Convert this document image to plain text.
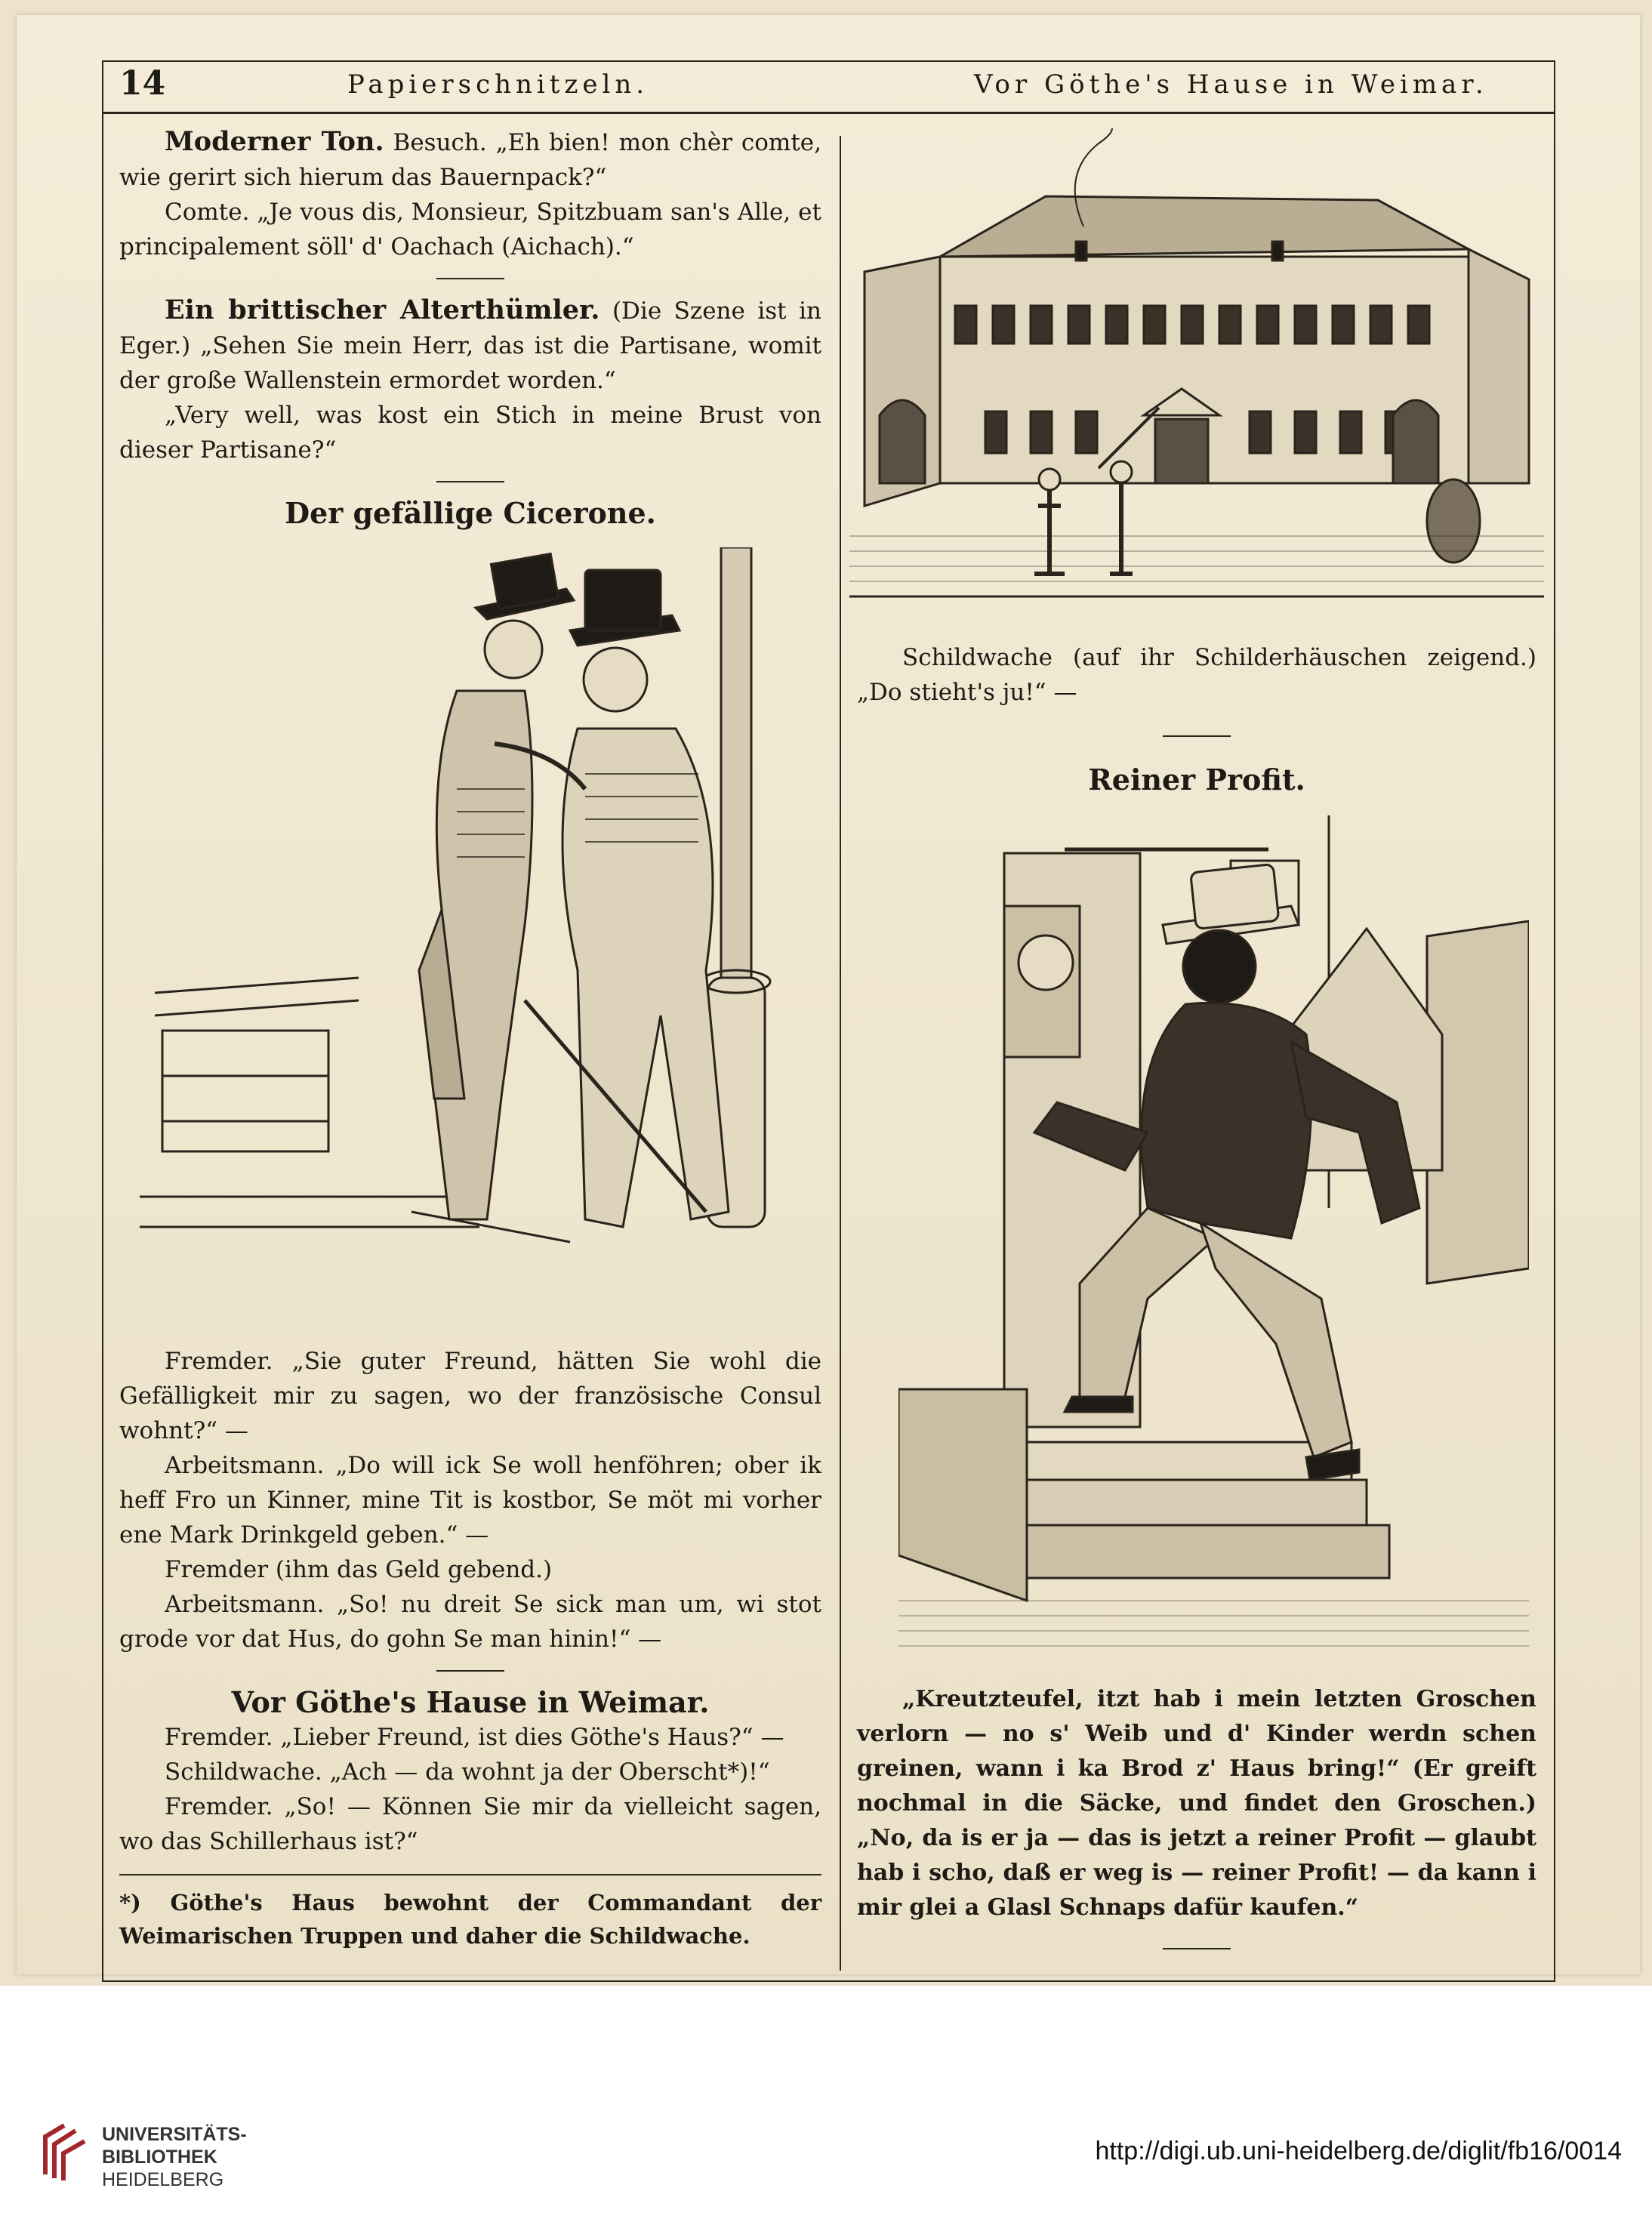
14	Papierschnitzeln.	Vor Göthe's Hause in Weimar.

Moderner Ton. Besuch. „Eh bien! mon chèr comte, wie gerirt sich hierum das Bauernpack?“

Comte. „Je vous dis, Monsieur, Spitzbuam san's Alle, et principalement söll' d' Oachach (Aichach).“

Ein brittischer Alterthümler. (Die Szene ist in Eger.) „Sehen Sie mein Herr, das ist die Partisane, womit der große Wallenstein ermordet worden.“

„Very well, was kost ein Stich in meine Brust von dieser Partisane?“

Der gefällige Cicerone.

Fremder. „Sie guter Freund, hätten Sie wohl die Gefälligkeit mir zu sagen, wo der französische Consul wohnt?“ —

Arbeitsmann. „Do will ick Se woll henföhren; ober ik heff Fro un Kinner, mine Tit is kostbor, Se möt mi vorher ene Mark Drinkgeld geben.“ —

Fremder (ihm das Geld gebend.)

Arbeitsmann. „So! nu dreit Se sick man um, wi stot grode vor dat Hus, do gohn Se man hinin!“ —

Vor Göthe's Hause in Weimar.

Fremder. „Lieber Freund, ist dies Göthe's Haus?“ —

Schildwache. „Ach — da wohnt ja der Oberscht*)!“

Fremder. „So! — Können Sie mir da vielleicht sagen, wo das Schillerhaus ist?“

*) Göthe's Haus bewohnt der Commandant der Weimarischen Truppen und daher die Schildwache.

Schildwache (auf ihr Schilderhäuschen zeigend.) „Do stieht's ju!“ —

Reiner Profit.

„Kreutzteufel, itzt hab i mein letzten Groschen verlorn — no s' Weib und d' Kinder werdn schen greinen, wann i ka Brod z' Haus bring!“ (Er greift nochmal in die Säcke, und findet den Groschen.) „No, da is er ja — das is jetzt a reiner Profit — glaubt hab i scho, daß er weg is — reiner Profit! — da kann i mir glei a Glasl Schnaps dafür kaufen.“

UNIVERSITÄTS-
BIBLIOTHEK
HEIDELBERG
http://digi.ub.uni-heidelberg.de/diglit/fb16/0014
